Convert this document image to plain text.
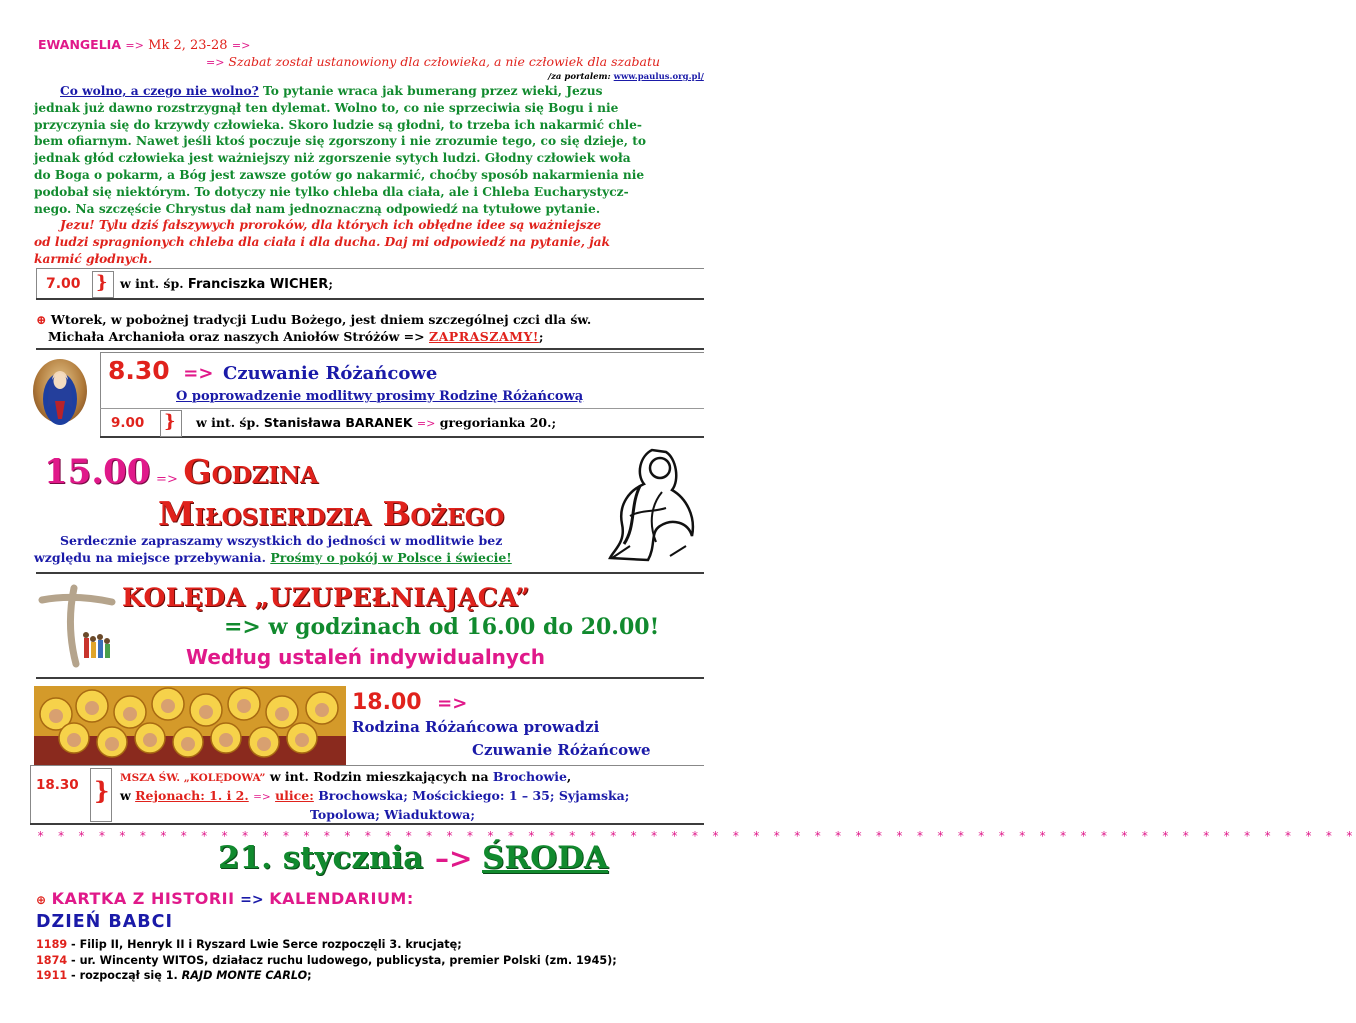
EWANGELIA => Mk 2, 23-28 =>
=> Szabat został ustanowiony dla człowieka, a nie człowiek dla szabatu
/za portalem: www.paulus.org.pl/
Co wolno, a czego nie wolno? To pytanie wraca jak bumerang przez wieki, Jezus
jednak już dawno rozstrzygnął ten dylemat. Wolno to, co nie sprzeciwia się Bogu i nie
przyczynia się do krzywdy człowieka. Skoro ludzie są głodni, to trzeba ich nakarmić chle-
bem ofiarnym. Nawet jeśli ktoś poczuje się zgorszony i nie zrozumie tego, co się dzieje, to
jednak głód człowieka jest ważniejszy niż zgorszenie sytych ludzi. Głodny człowiek woła
do Boga o pokarm, a Bóg jest zawsze gotów go nakarmić, choćby sposób nakarmienia nie
podobał się niektórym. To dotyczy nie tylko chleba dla ciała, ale i Chleba Eucharystycz-
nego. Na szczęście Chrystus dał nam jednoznaczną odpowiedź na tytułowe pytanie.
Jezu! Tylu dziś fałszywych proroków, dla których ich obłędne idee są ważniejsze
od ludzi spragnionych chleba dla ciała i dla ducha. Daj mi odpowiedź na pytanie, jak
karmić głodnych.
7.00 } w int. śp. Franciszka WICHER;
⊕ Wtorek, w pobożnej tradycji Ludu Bożego, jest dniem szczególnej czci dla św.
Michała Archanioła oraz naszych Aniołów Stróżów => ZAPRASZAMY!;
8.30 => Czuwanie Różańcowe
O poprowadzenie modlitwy prosimy Rodzinę Różańcową
9.00 } w int. śp. Stanisława BARANEK => gregorianka 20.;
15.00 => Godzina
Miłosierdzia Bożego
Serdecznie zapraszamy wszystkich do jedności w modlitwie bez
względu na miejsce przebywania. Prośmy o pokój w Polsce i świecie!
KOLĘDA „UZUPEŁNIAJĄCA”
=> w godzinach od 16.00 do 20.00!
Według ustaleń indywidualnych
18.00 =>
Rodzina Różańcowa prowadzi
Czuwanie Różańcowe
18.30 } MSZA ŚW. „KOLĘDOWA” w int. Rodzin mieszkających na Brochowie,
w Rejonach: 1. i 2. => ulice: Brochowska; Mościckiego: 1 – 35; Syjamska;
Topolowa; Wiaduktowa;
* * * * * * * * * * * * * * * * * * * * * * * * * * * * * * * * * * * * * * * * * * * * * * * * * * * * * * * * * * * * * * * * *
21. stycznia –> ŚRODA
⊕ KARTKA Z HISTORII => KALENDARIUM:
DZIEŃ BABCI
1189 - Filip II, Henryk II i Ryszard Lwie Serce rozpoczęli 3. krucjatę;
1874 - ur. Wincenty WITOS, działacz ruchu ludowego, publicysta, premier Polski (zm. 1945);
1911 - rozpoczął się 1. RAJD MONTE CARLO;
